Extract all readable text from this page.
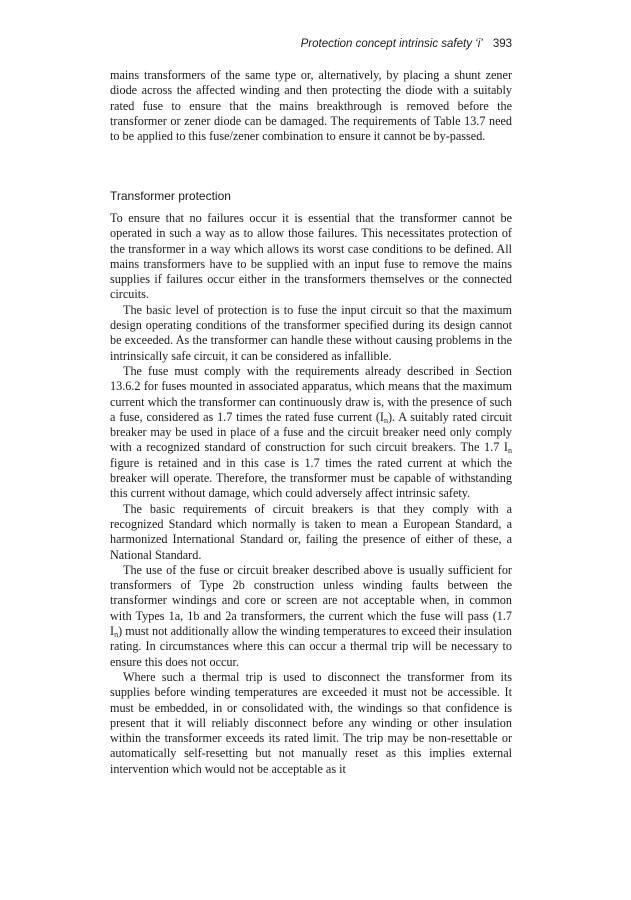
Protection concept intrinsic safety ‘i’ 393

mains transformers of the same type or, alternatively, by placing a shunt zener diode across the affected winding and then protecting the diode with a suitably rated fuse to ensure that the mains breakthrough is removed before the transformer or zener diode can be damaged. The requirements of Table 13.7 need to be applied to this fuse/zener combination to ensure it cannot be by-passed.

Transformer protection

To ensure that no failures occur it is essential that the transformer cannot be operated in such a way as to allow those failures. This necessitates protection of the transformer in a way which allows its worst case conditions to be defined. All mains transformers have to be supplied with an input fuse to remove the mains supplies if failures occur either in the transformers themselves or the connected circuits.

The basic level of protection is to fuse the input circuit so that the maximum design operating conditions of the transformer specified during its design cannot be exceeded. As the transformer can handle these without causing problems in the intrinsically safe circuit, it can be considered as infallible.

The fuse must comply with the requirements already described in Section 13.6.2 for fuses mounted in associated apparatus, which means that the maximum current which the transformer can continuously draw is, with the presence of such a fuse, considered as 1.7 times the rated fuse current $(I_n)$. A suitably rated circuit breaker may be used in place of a fuse and the circuit breaker need only comply with a recognized standard of construction for such circuit breakers. The 1.7 $I_n$ figure is retained and in this case is 1.7 times the rated current at which the breaker will operate. Therefore, the transformer must be capable of withstanding this current without damage, which could adversely affect intrinsic safety.

The basic requirements of circuit breakers is that they comply with a recognized Standard which normally is taken to mean a European Standard, a harmonized International Standard or, failing the presence of either of these, a National Standard.

The use of the fuse or circuit breaker described above is usually sufficient for transformers of Type 2b construction unless winding faults between the transformer windings and core or screen are not acceptable when, in common with Types 1a, 1b and 2a transformers, the current which the fuse will pass (1.7 $I_n$) must not additionally allow the winding temperatures to exceed their insulation rating. In circumstances where this can occur a thermal trip will be necessary to ensure this does not occur.

Where such a thermal trip is used to disconnect the transformer from its supplies before winding temperatures are exceeded it must not be accessible. It must be embedded, in or consolidated with, the windings so that confidence is present that it will reliably disconnect before any winding or other insulation within the transformer exceeds its rated limit. The trip may be non-resettable or automatically self-resetting but not manually reset as this implies external intervention which would not be acceptable as it
